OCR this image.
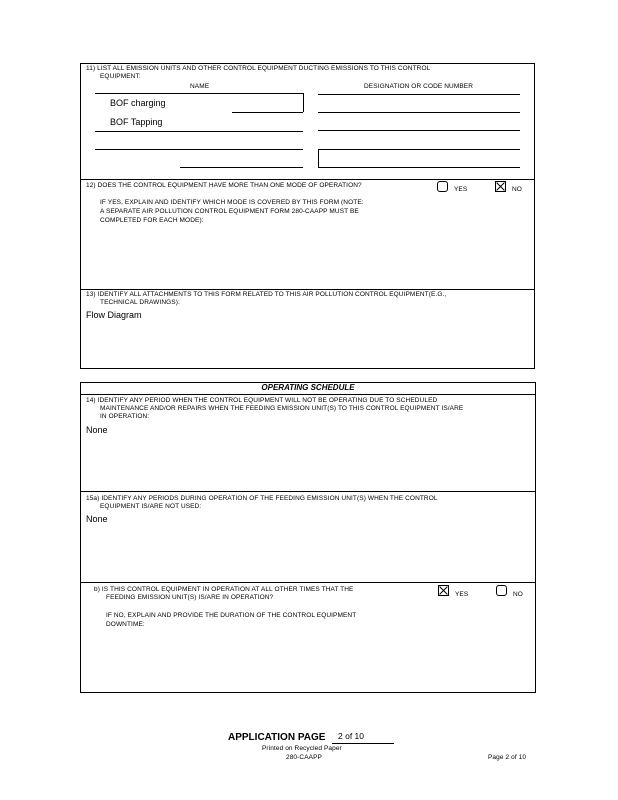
11) LIST ALL EMISSION UNITS AND OTHER CONTROL EQUIPMENT DUCTING EMISSIONS TO THIS CONTROL
EQUIPMENT:
NAME	DESIGNATION OR CODE NUMBER
BOF charging
BOF Tapping
12) DOES THE CONTROL EQUIPMENT HAVE MORE THAN ONE MODE OF OPERATION?
YES	NO
IF YES, EXPLAIN AND IDENTIFY WHICH MODE IS COVERED BY THIS FORM (NOTE:
A SEPARATE AIR POLLUTION CONTROL EQUIPMENT FORM 280-CAAPP MUST BE
COMPLETED FOR EACH MODE):
13) IDENTIFY ALL ATTACHMENTS TO THIS FORM RELATED TO THIS AIR POLLUTION CONTROL EQUIPMENT(E.G.,
TECHNICAL DRAWINGS):
Flow Diagram
OPERATING SCHEDULE
14) IDENTIFY ANY PERIOD WHEN THE CONTROL EQUIPMENT WILL NOT BE OPERATING DUE TO SCHEDULED
MAINTENANCE AND/OR REPAIRS WHEN THE FEEDING EMISSION UNIT(S) TO THIS CONTROL EQUIPMENT IS/ARE
IN OPERATION:
None
15a) IDENTIFY ANY PERIODS DURING OPERATION OF THE FEEDING EMISSION UNIT(S) WHEN THE CONTROL
EQUIPMENT IS/ARE NOT USED:
None
b) IS THIS CONTROL EQUIPMENT IN OPERATION AT ALL OTHER TIMES THAT THE
FEEDING EMISSION UNIT(S) IS/ARE IN OPERATION?	YES	NO
IF NO, EXPLAIN AND PROVIDE THE DURATION OF THE CONTROL EQUIPMENT
DOWNTIME:
APPLICATION PAGE 2 of 10
Printed on Recycled Paper
280-CAAPP	Page 2 of 10
